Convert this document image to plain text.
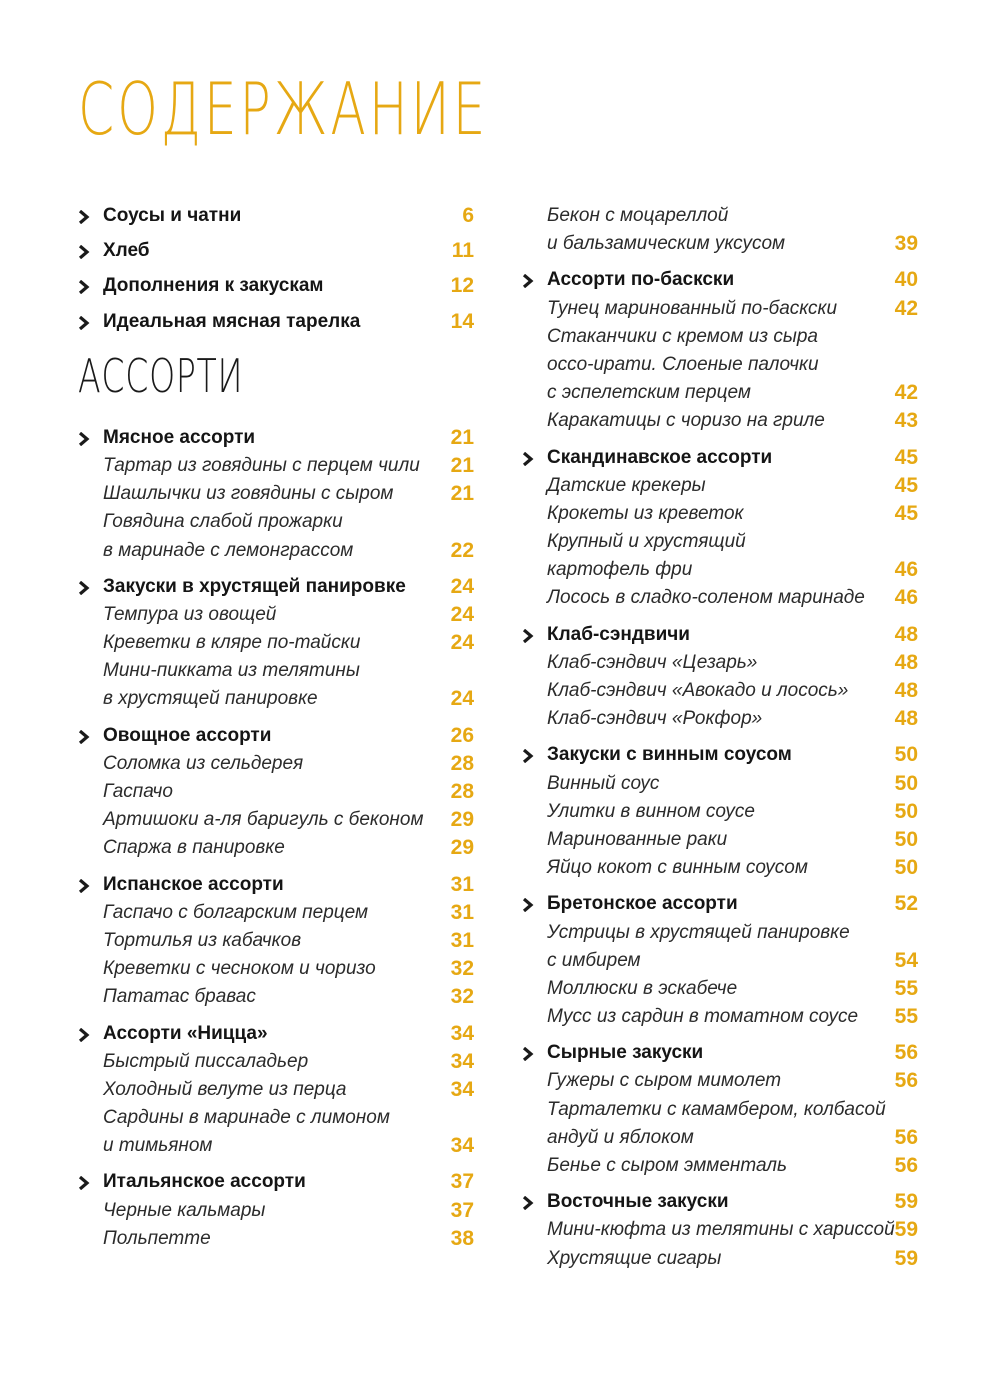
СОДЕРЖАНИЕ
Соусы и чатни	6
Хлеб	11
Дополнения к закускам	12
Идеальная мясная тарелка	14
АССОРТИ
Мясное ассорти	21
Тартар из говядины с перцем чили	21
Шашлычки из говядины с сыром	21
Говядина слабой прожарки
в маринаде с лемонграссом	22
Закуски в хрустящей панировке	24
Темпура из овощей	24
Креветки в кляре по-тайски	24
Мини-пикката из телятины
в хрустящей панировке	24
Овощное ассорти	26
Соломка из сельдерея	28
Гаспачо	28
Артишоки а-ля баригуль с беконом	29
Спаржа в панировке	29
Испанское ассорти	31
Гаспачо с болгарским перцем	31
Тортилья из кабачков	31
Креветки с чесноком и чоризо	32
Пататас бравас	32
Ассорти «Ницца»	34
Быстрый писсаладьер	34
Холодный велуте из перца	34
Сардины в маринаде с лимоном
и тимьяном	34
Итальянское ассорти	37
Черные кальмары	37
Польпетте	38
Бекон с моцареллой
и бальзамическим уксусом	39
Ассорти по-баскски	40
Тунец маринованный по-баскски	42
Стаканчики с кремом из сыра
оссо-ирати. Слоеные палочки
с эспелетским перцем	42
Каракатицы с чоризо на гриле	43
Скандинавское ассорти	45
Датские крекеры	45
Крокеты из креветок	45
Крупный и хрустящий
картофель фри	46
Лосось в сладко-соленом маринаде	46
Клаб-сэндвичи	48
Клаб-сэндвич «Цезарь»	48
Клаб-сэндвич «Авокадо и лосось»	48
Клаб-сэндвич «Рокфор»	48
Закуски с винным соусом	50
Винный соус	50
Улитки в винном соусе	50
Маринованные раки	50
Яйцо кокот с винным соусом	50
Бретонское ассорти	52
Устрицы в хрустящей панировке
с имбирем	54
Моллюски в эскабече	55
Мусс из сардин в томатном соусе	55
Сырные закуски	56
Гужеры с сыром мимолет	56
Тарталетки с камамбером, колбасой
андуй и яблоком	56
Бенье с сыром эмменталь	56
Восточные закуски	59
Мини-кюфта из телятины с хариссой 59
Хрустящие сигары	59
